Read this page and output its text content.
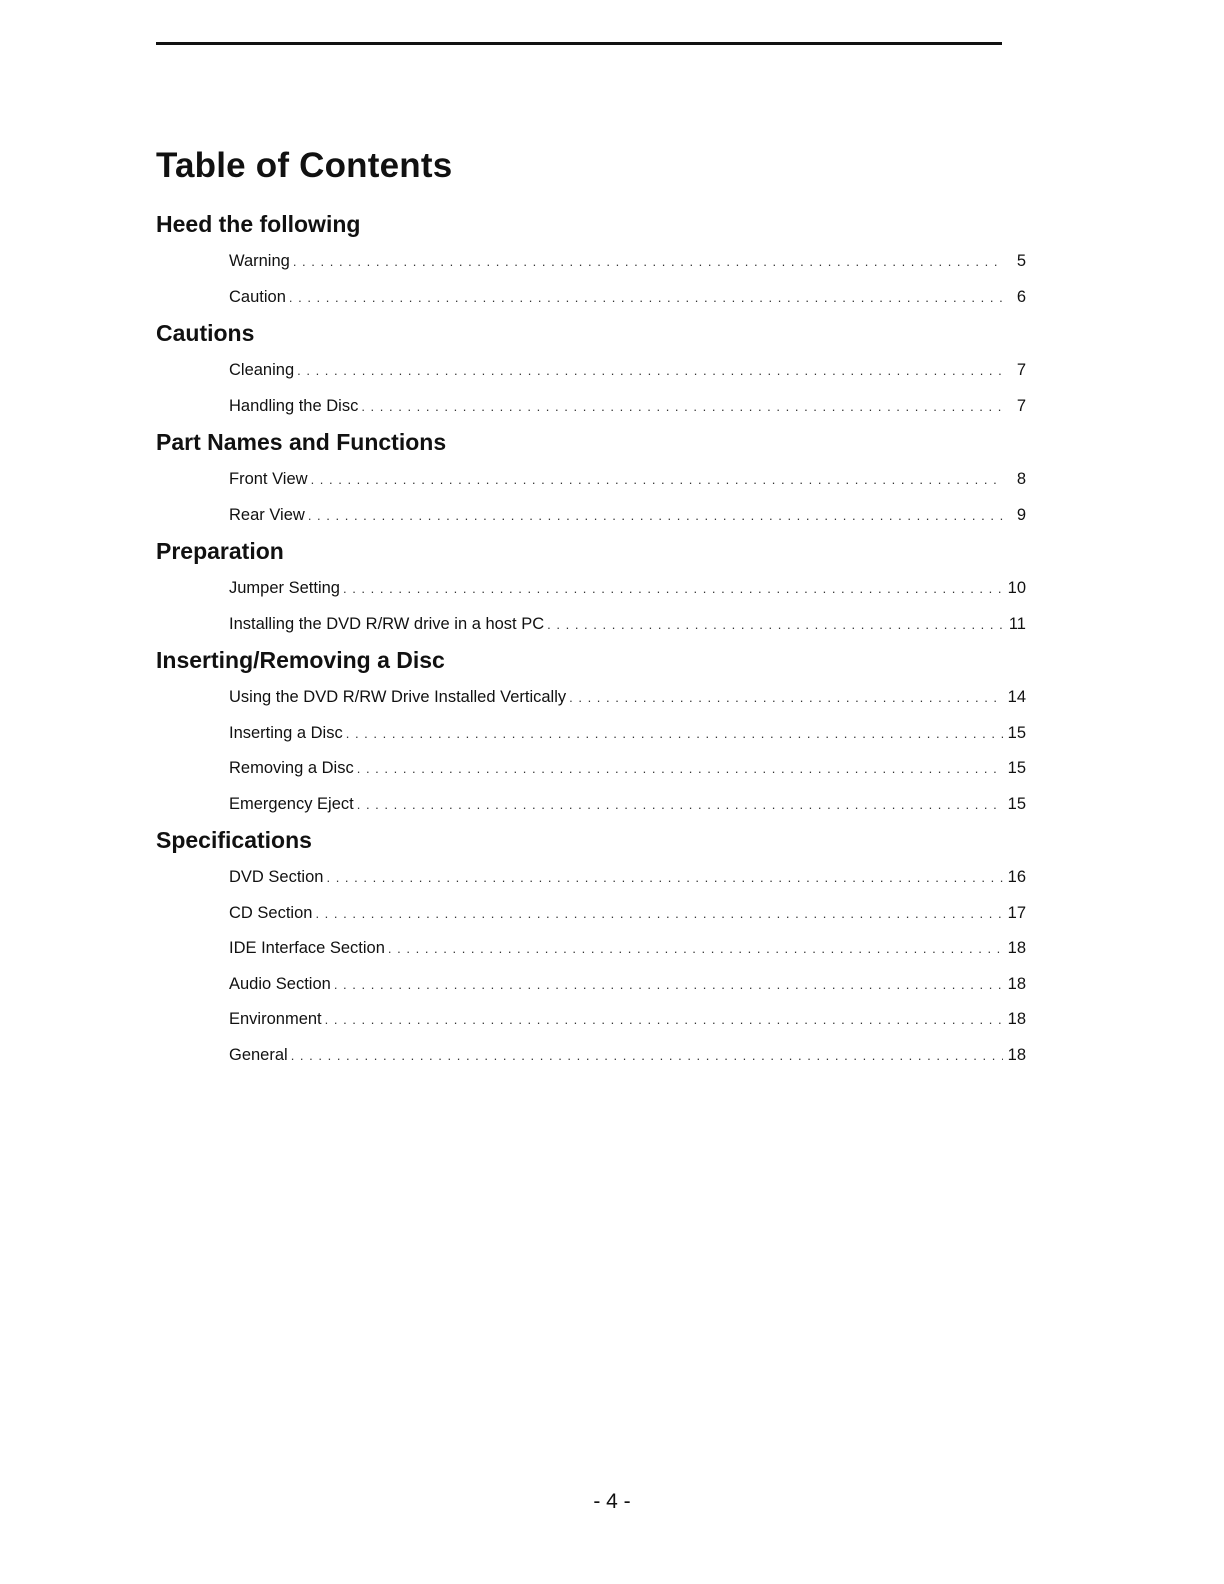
Table of Contents
Heed the following
Warning . . .	5
Caution . . .	6
Cautions
Cleaning . . .	7
Handling the Disc . . .	7
Part Names and Functions
Front View . . .	8
Rear View . . .	9
Preparation
Jumper Setting . . .	10
Installing the DVD R/RW drive in a host PC . . .	11
Inserting/Removing a Disc
Using the DVD R/RW Drive Installed Vertically . . .	14
Inserting a Disc . . .	15
Removing a Disc . . .	15
Emergency Eject . . .	15
Specifications
DVD Section . . .	16
CD Section . . .	17
IDE Interface Section . . .	18
Audio Section . . .	18
Environment . . .	18
General . . .	18
- 4 -
